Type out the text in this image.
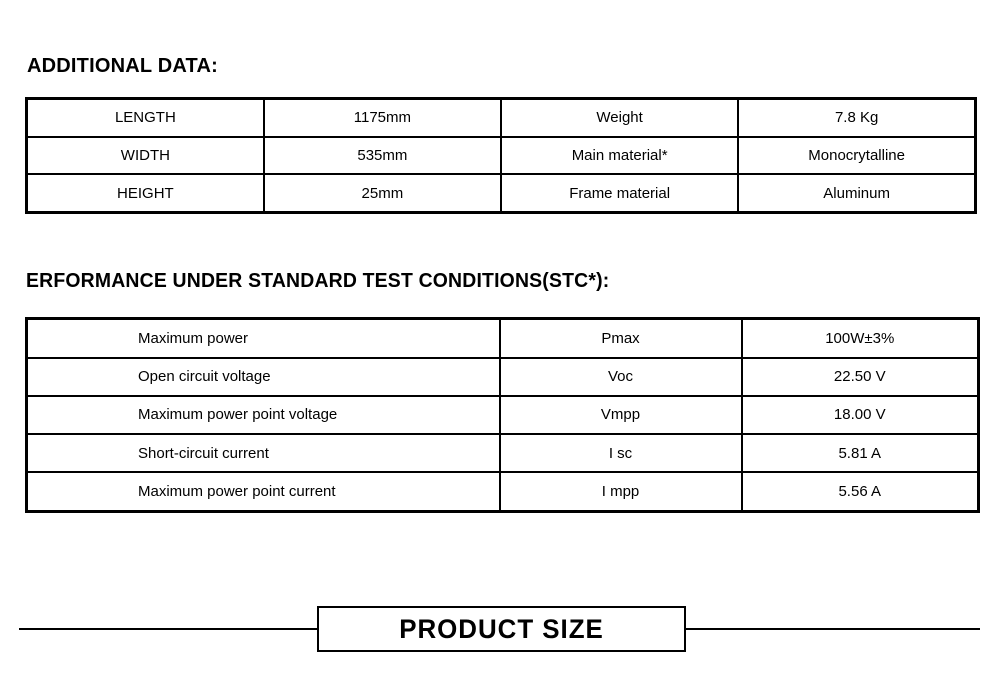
ADDITIONAL DATA:
LENGTH	1175mm	Weight	7.8 Kg
WIDTH	535mm	Main material*	Monocrytalline
HEIGHT	25mm	Frame material	Aluminum
ERFORMANCE UNDER STANDARD TEST CONDITIONS(STC*):
Maximum power	Pmax	100W±3%
Open circuit voltage	Voc	22.50 V
Maximum power point voltage	Vmpp	18.00 V
Short-circuit current	I sc	5.81 A
Maximum power point current	I mpp	5.56 A
PRODUCT SIZE
